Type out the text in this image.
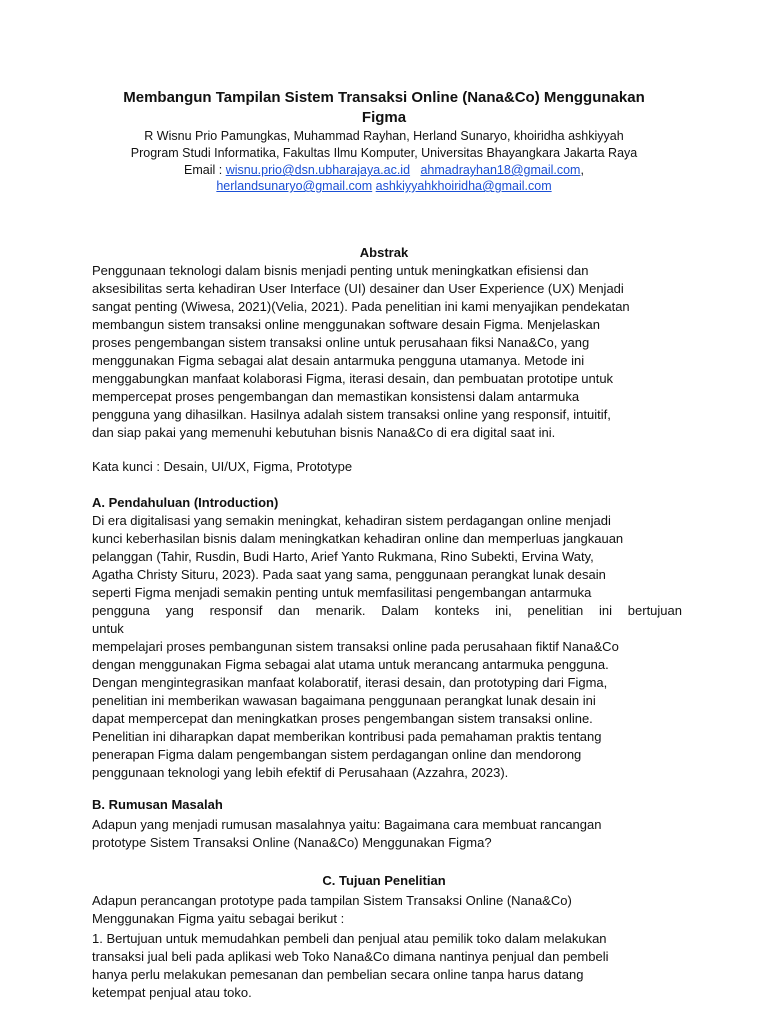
Membangun Tampilan Sistem Transaksi Online (Nana&Co) Menggunakan
Figma
R Wisnu Prio Pamungkas, Muhammad Rayhan, Herland Sunaryo, khoiridha ashkiyyah
Program Studi Informatika, Fakultas Ilmu Komputer, Universitas Bhayangkara Jakarta Raya
Email : wisnu.prio@dsn.ubharajaya.ac.id ahmadrayhan18@gmail.com,
herlandsunaryo@gmail.com ashkiyyahkhoiridha@gmail.com
Abstrak
Penggunaan teknologi dalam bisnis menjadi penting untuk meningkatkan efisiensi dan
aksesibilitas serta kehadiran User Interface (UI) desainer dan User Experience (UX) Menjadi
sangat penting (Wiwesa, 2021)(Velia, 2021). Pada penelitian ini kami menyajikan pendekatan
membangun sistem transaksi online menggunakan software desain Figma. Menjelaskan
proses pengembangan sistem transaksi online untuk perusahaan fiksi Nana&Co, yang
menggunakan Figma sebagai alat desain antarmuka pengguna utamanya. Metode ini
menggabungkan manfaat kolaborasi Figma, iterasi desain, dan pembuatan prototipe untuk
mempercepat proses pengembangan dan memastikan konsistensi dalam antarmuka
pengguna yang dihasilkan. Hasilnya adalah sistem transaksi online yang responsif, intuitif,
dan siap pakai yang memenuhi kebutuhan bisnis Nana&Co di era digital saat ini.
Kata kunci : Desain, UI/UX, Figma, Prototype
A. Pendahuluan (Introduction)
Di era digitalisasi yang semakin meningkat, kehadiran sistem perdagangan online menjadi
kunci keberhasilan bisnis dalam meningkatkan kehadiran online dan memperluas jangkauan
pelanggan (Tahir, Rusdin, Budi Harto, Arief Yanto Rukmana, Rino Subekti, Ervina Waty,
Agatha Christy Situru, 2023). Pada saat yang sama, penggunaan perangkat lunak desain
seperti Figma menjadi semakin penting untuk memfasilitasi pengembangan antarmuka
pengguna yang responsif dan menarik. Dalam konteks ini, penelitian ini bertujuan
untuk
mempelajari proses pembangunan sistem transaksi online pada perusahaan fiktif Nana&Co
dengan menggunakan Figma sebagai alat utama untuk merancang antarmuka pengguna.
Dengan mengintegrasikan manfaat kolaboratif, iterasi desain, dan prototyping dari Figma,
penelitian ini memberikan wawasan bagaimana penggunaan perangkat lunak desain ini
dapat mempercepat dan meningkatkan proses pengembangan sistem transaksi online.
Penelitian ini diharapkan dapat memberikan kontribusi pada pemahaman praktis tentang
penerapan Figma dalam pengembangan sistem perdagangan online dan mendorong
penggunaan teknologi yang lebih efektif di Perusahaan (Azzahra, 2023).
B. Rumusan Masalah
Adapun yang menjadi rumusan masalahnya yaitu: Bagaimana cara membuat rancangan
prototype Sistem Transaksi Online (Nana&Co) Menggunakan Figma?
C. Tujuan Penelitian
Adapun perancangan prototype pada tampilan Sistem Transaksi Online (Nana&Co)
Menggunakan Figma yaitu sebagai berikut :
1. Bertujuan untuk memudahkan pembeli dan penjual atau pemilik toko dalam melakukan
transaksi jual beli pada aplikasi web Toko Nana&Co dimana nantinya penjual dan pembeli
hanya perlu melakukan pemesanan dan pembelian secara online tanpa harus datang
ketempat penjual atau toko.
